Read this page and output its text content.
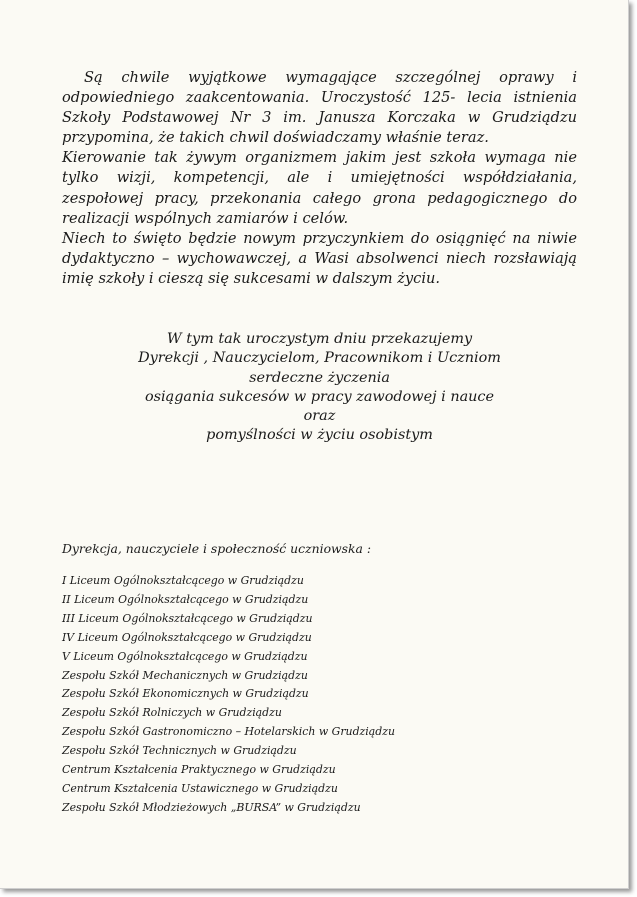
Są chwile wyjątkowe wymagające szczególnej oprawy i odpowiedniego zaakcentowania. Uroczystość 125- lecia istnienia Szkoły Podstawowej Nr 3 im. Janusza Korczaka w Grudziądzu przypomina, że takich chwil doświadczamy właśnie teraz.

Kierowanie tak żywym organizmem jakim jest szkoła wymaga nie tylko wizji, kompetencji, ale i umiejętności współdziałania, zespołowej pracy, przekonania całego grona pedagogicznego do realizacji wspólnych zamiarów i celów.

Niech to święto będzie nowym przyczynkiem do osiągnięć na niwie dydaktyczno – wychowawczej, a Wasi absolwenci niech rozsławiają imię szkoły i cieszą się sukcesami w dalszym życiu.

W tym tak uroczystym dniu przekazujemy
Dyrekcji , Nauczycielom, Pracownikom i Uczniom
serdeczne życzenia
osiągania sukcesów w pracy zawodowej i nauce
oraz
pomyślności w życiu osobistym
Dyrekcja, nauczyciele i społeczność uczniowska :
I Liceum Ogólnokształcącego w Grudziądzu
II Liceum Ogólnokształcącego w Grudziądzu
III Liceum Ogólnokształcącego w Grudziądzu
IV Liceum Ogólnokształcącego w Grudziądzu
V Liceum Ogólnokształcącego w Grudziądzu
Zespołu Szkół Mechanicznych w Grudziądzu
Zespołu Szkół Ekonomicznych w Grudziądzu
Zespołu Szkół Rolniczych w Grudziądzu
Zespołu Szkół Gastronomiczno – Hotelarskich w Grudziądzu
Zespołu Szkół Technicznych w Grudziądzu
Centrum Kształcenia Praktycznego w Grudziądzu
Centrum Kształcenia Ustawicznego w Grudziądzu
Zespołu Szkół Młodzieżowych „BURSA” w Grudziądzu
